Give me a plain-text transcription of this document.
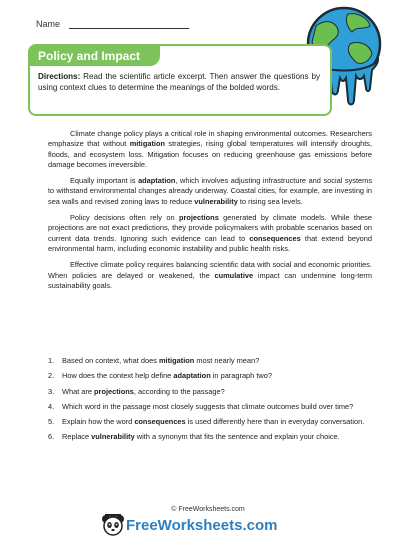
Name
Policy and Impact
Directions: Read the scientific article excerpt. Then answer the questions by using context clues to determine the meanings of the bolded words.

Climate change policy plays a critical role in shaping environmental outcomes. Researchers emphasize that without mitigation strategies, rising global temperatures will intensify droughts, floods, and ecosystem loss. Mitigation focuses on reducing greenhouse gas emissions before damage becomes irreversible.

Equally important is adaptation, which involves adjusting infrastructure and social systems to withstand environmental changes already underway. Coastal cities, for example, are investing in sea walls and revised zoning laws to reduce vulnerability to rising sea levels.

Policy decisions often rely on projections generated by climate models. While these projections are not exact predictions, they provide policymakers with probable scenarios based on current data trends. Ignoring such evidence can lead to consequences that extend beyond environmental harm, including economic instability and public health risks.

Effective climate policy requires balancing scientific data with social and economic priorities. When policies are delayed or weakened, the cumulative impact can undermine long-term sustainability goals.

1.	Based on context, what does mitigation most nearly mean?
2.	How does the context help define adaptation in paragraph two?
3.	What are projections, according to the passage?
4.	Which word in the passage most closely suggests that climate outcomes build over time?
5.	Explain how the word consequences is used differently here than in everyday conversation.
6.	Replace vulnerability with a synonym that fits the sentence and explain your choice.
© FreeWorksheets.com
FreeWorksheets.com
